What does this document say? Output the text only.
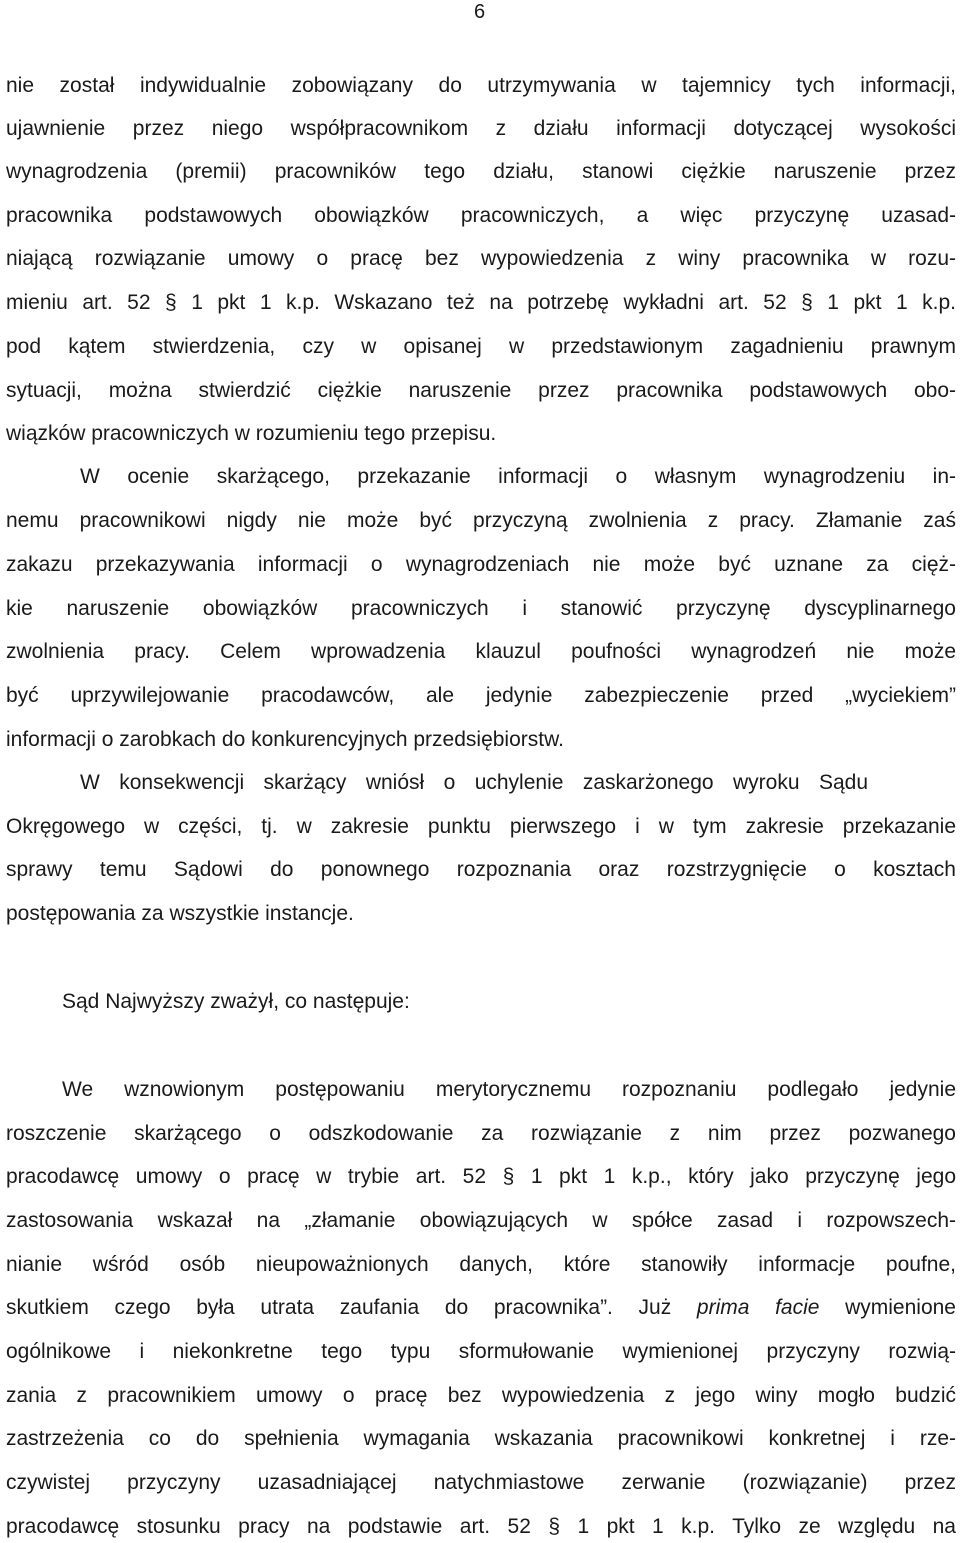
6
nie został indywidualnie zobowiązany do utrzymywania w tajemnicy tych informacji,
ujawnienie przez niego współpracownikom z działu informacji dotyczącej wysokości
wynagrodzenia (premii) pracowników tego działu, stanowi ciężkie naruszenie przez
pracownika podstawowych obowiązków pracowniczych, a więc przyczynę uzasad-
niającą rozwiązanie umowy o pracę bez wypowiedzenia z winy pracownika w rozu-
mieniu art. 52 § 1 pkt 1 k.p. Wskazano też na potrzebę wykładni art. 52 § 1 pkt 1 k.p.
pod kątem stwierdzenia, czy w opisanej w przedstawionym zagadnieniu prawnym
sytuacji, można stwierdzić ciężkie naruszenie przez pracownika podstawowych obo-
wiązków pracowniczych w rozumieniu tego przepisu.
W ocenie skarżącego, przekazanie informacji o własnym wynagrodzeniu in-
nemu pracownikowi nigdy nie może być przyczyną zwolnienia z pracy. Złamanie zaś
zakazu przekazywania informacji o wynagrodzeniach nie może być uznane za cięż-
kie naruszenie obowiązków pracowniczych i stanowić przyczynę dyscyplinarnego
zwolnienia pracy. Celem wprowadzenia klauzul poufności wynagrodzeń nie może
być uprzywilejowanie pracodawców, ale jedynie zabezpieczenie przed „wyciekiem”
informacji o zarobkach do konkurencyjnych przedsiębiorstw.
W konsekwencji skarżący wniósł o uchylenie zaskarżonego wyroku Sądu
Okręgowego w części, tj. w zakresie punktu pierwszego i w tym zakresie przekazanie
sprawy temu Sądowi do ponownego rozpoznania oraz rozstrzygnięcie o kosztach
postępowania za wszystkie instancje.
Sąd Najwyższy zważył, co następuje:
We wznowionym postępowaniu merytorycznemu rozpoznaniu podlegało jedynie
roszczenie skarżącego o odszkodowanie za rozwiązanie z nim przez pozwanego
pracodawcę umowy o pracę w trybie art. 52 § 1 pkt 1 k.p., który jako przyczynę jego
zastosowania wskazał na „złamanie obowiązujących w spółce zasad i rozpowszech-
nianie wśród osób nieupoważnionych danych, które stanowiły informacje poufne,
skutkiem czego była utrata zaufania do pracownika”. Już prima facie wymienione
ogólnikowe i niekonkretne tego typu sformułowanie wymienionej przyczyny rozwią-
zania z pracownikiem umowy o pracę bez wypowiedzenia z jego winy mogło budzić
zastrzeżenia co do spełnienia wymagania wskazania pracownikowi konkretnej i rze-
czywistej przyczyny uzasadniającej natychmiastowe zerwanie (rozwiązanie) przez
pracodawcę stosunku pracy na podstawie art. 52 § 1 pkt 1 k.p. Tylko ze względu na
